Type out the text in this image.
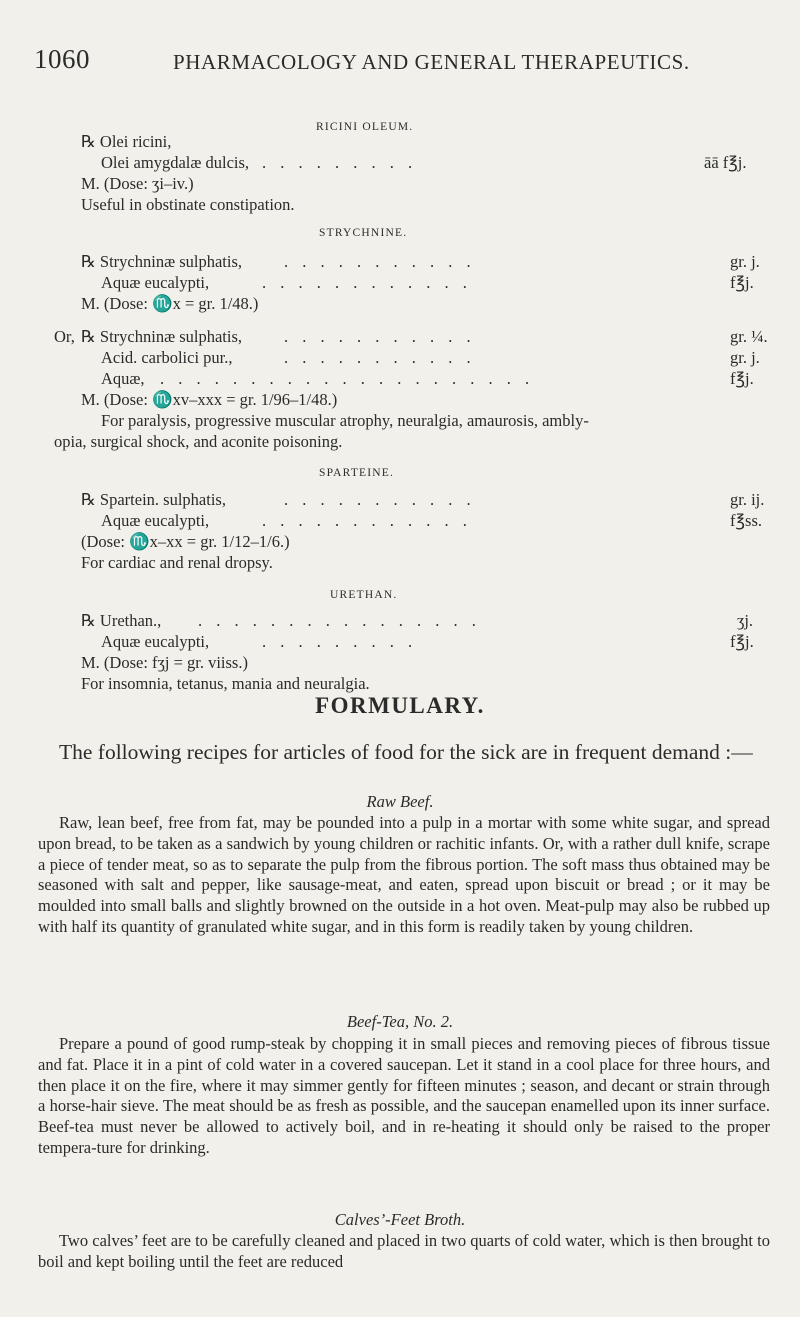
1060	PHARMACOLOGY AND GENERAL THERAPEUTICS.
RICINI OLEUM.
℞ Olei ricini,
Olei amygdalæ dulcis, . . . . . . . . .	āā f℥j.
M. (Dose: ʒi–iv.)
Useful in obstinate constipation.
STRYCHNINE.
℞ Strychninæ sulphatis,	. . . . . . . . . . .	gr. j.
Aquæ eucalypti,	. . . . . . . . . . . .	f℥j.
M. (Dose: ♏x = gr. 1/48.)
Or, ℞ Strychninæ sulphatis,	. . . . . . . . . . .	gr. ¼.
Acid. carbolici pur.,	. . . . . . . . . . .	gr. j.
Aquæ, . . . . . . . . . . . . . . . . . . . . .	f℥j.
M. (Dose: ♏xv–xxx = gr. 1/96–1/48.)
For paralysis, progressive muscular atrophy, neuralgia, amaurosis, ambly-
opia, surgical shock, and aconite poisoning.
SPARTEINE.
℞ Spartein. sulphatis,	. . . . . . . . . . .	gr. ij.
Aquæ eucalypti,	. . . . . . . . . . . .	f℥ss.
(Dose: ♏x–xx = gr. 1/12–1/6.)
For cardiac and renal dropsy.
URETHAN.
℞ Urethan., . . . . . . . . . . . . . . . .	ʒj.
Aquæ eucalypti,	. . . . . . . . .	f℥j.
M. (Dose: fʒj = gr. viiss.)
For insomnia, tetanus, mania and neuralgia.
FORMULARY.
The following recipes for articles of food for the sick are in frequent demand :—
Raw Beef.
Raw, lean beef, free from fat, may be pounded into a pulp in a mortar with some white sugar, and spread upon bread, to be taken as a sandwich by young children or rachitic infants. Or, with a rather dull knife, scrape a piece of tender meat, so as to separate the pulp from the fibrous portion. The soft mass thus obtained may be seasoned with salt and pepper, like sausage-meat, and eaten, spread upon biscuit or bread ; or it may be moulded into small balls and slightly browned on the outside in a hot oven. Meat-pulp may also be rubbed up with half its quantity of granulated white sugar, and in this form is readily taken by young children.
Beef-Tea, No. 2.
Prepare a pound of good rump-steak by chopping it in small pieces and removing pieces of fibrous tissue and fat. Place it in a pint of cold water in a covered saucepan. Let it stand in a cool place for three hours, and then place it on the fire, where it may simmer gently for fifteen minutes ; season, and decant or strain through a horse-hair sieve. The meat should be as fresh as possible, and the saucepan enamelled upon its inner surface. Beef-tea must never be allowed to actively boil, and in re-heating it should only be raised to the proper tempera-ture for drinking.
Calves’-Feet Broth.
Two calves’ feet are to be carefully cleaned and placed in two quarts of cold water, which is then brought to boil and kept boiling until the feet are reduced
